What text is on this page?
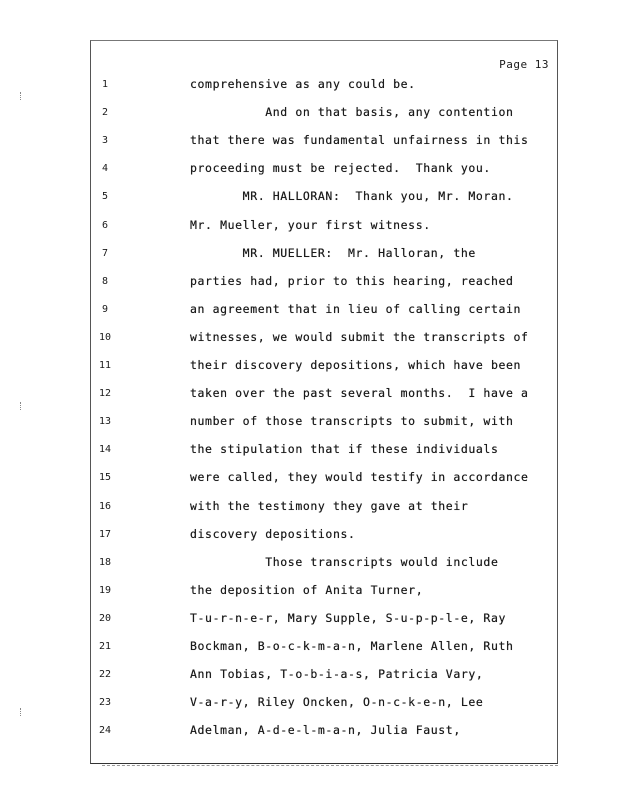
Page 13
1	comprehensive as any could be.
2	And on that basis, any contention
3	that there was fundamental unfairness in this
4	proceeding must be rejected.  Thank you.
5	MR. HALLORAN:  Thank you, Mr. Moran.
6	Mr. Mueller, your first witness.
7	MR. MUELLER:  Mr. Halloran, the
8	parties had, prior to this hearing, reached
9	an agreement that in lieu of calling certain
10	witnesses, we would submit the transcripts of
11	their discovery depositions, which have been
12	taken over the past several months.  I have a
13	number of those transcripts to submit, with
14	the stipulation that if these individuals
15	were called, they would testify in accordance
16	with the testimony they gave at their
17	discovery depositions.
18	Those transcripts would include
19	the deposition of Anita Turner,
20	T-u-r-n-e-r, Mary Supple, S-u-p-p-l-e, Ray
21	Bockman, B-o-c-k-m-a-n, Marlene Allen, Ruth
22	Ann Tobias, T-o-b-i-a-s, Patricia Vary,
23	V-a-r-y, Riley Oncken, O-n-c-k-e-n, Lee
24	Adelman, A-d-e-l-m-a-n, Julia Faust,
